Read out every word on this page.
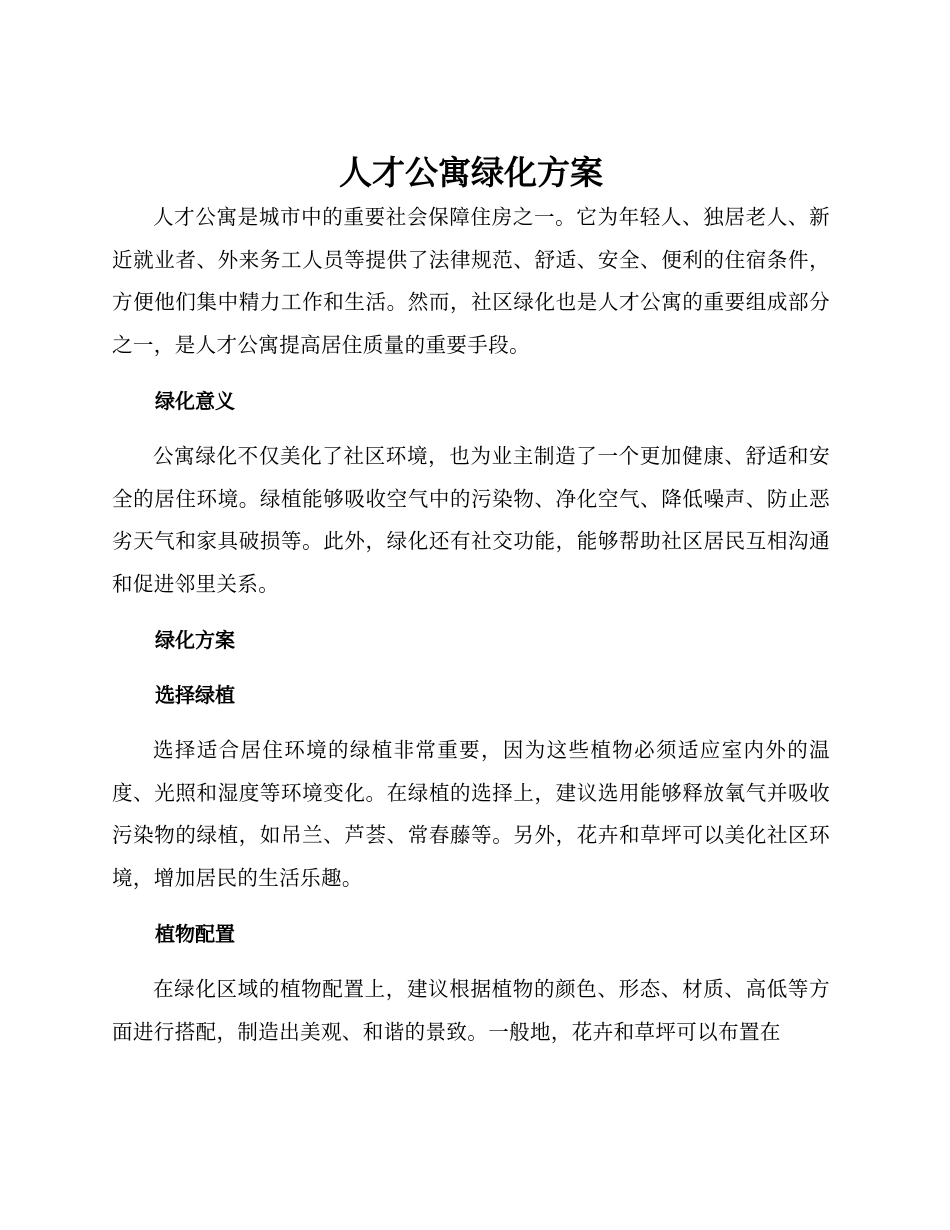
人才公寓绿化方案

人才公寓是城市中的重要社会保障住房之一。它为年轻人、独居老人、新近就业者、外来务工人员等提供了法律规范、舒适、安全、便利的住宿条件，方便他们集中精力工作和生活。然而，社区绿化也是人才公寓的重要组成部分之一，是人才公寓提高居住质量的重要手段。

绿化意义

公寓绿化不仅美化了社区环境，也为业主制造了一个更加健康、舒适和安全的居住环境。绿植能够吸收空气中的污染物、净化空气、降低噪声、防止恶劣天气和家具破损等。此外，绿化还有社交功能，能够帮助社区居民互相沟通和促进邻里关系。

绿化方案
选择绿植

选择适合居住环境的绿植非常重要，因为这些植物必须适应室内外的温度、光照和湿度等环境变化。在绿植的选择上，建议选用能够释放氧气并吸收污染物的绿植，如吊兰、芦荟、常春藤等。另外，花卉和草坪可以美化社区环境，增加居民的生活乐趣。

植物配置

在绿化区域的植物配置上，建议根据植物的颜色、形态、材质、高低等方面进行搭配，制造出美观、和谐的景致。一般地，花卉和草坪可以布置在
